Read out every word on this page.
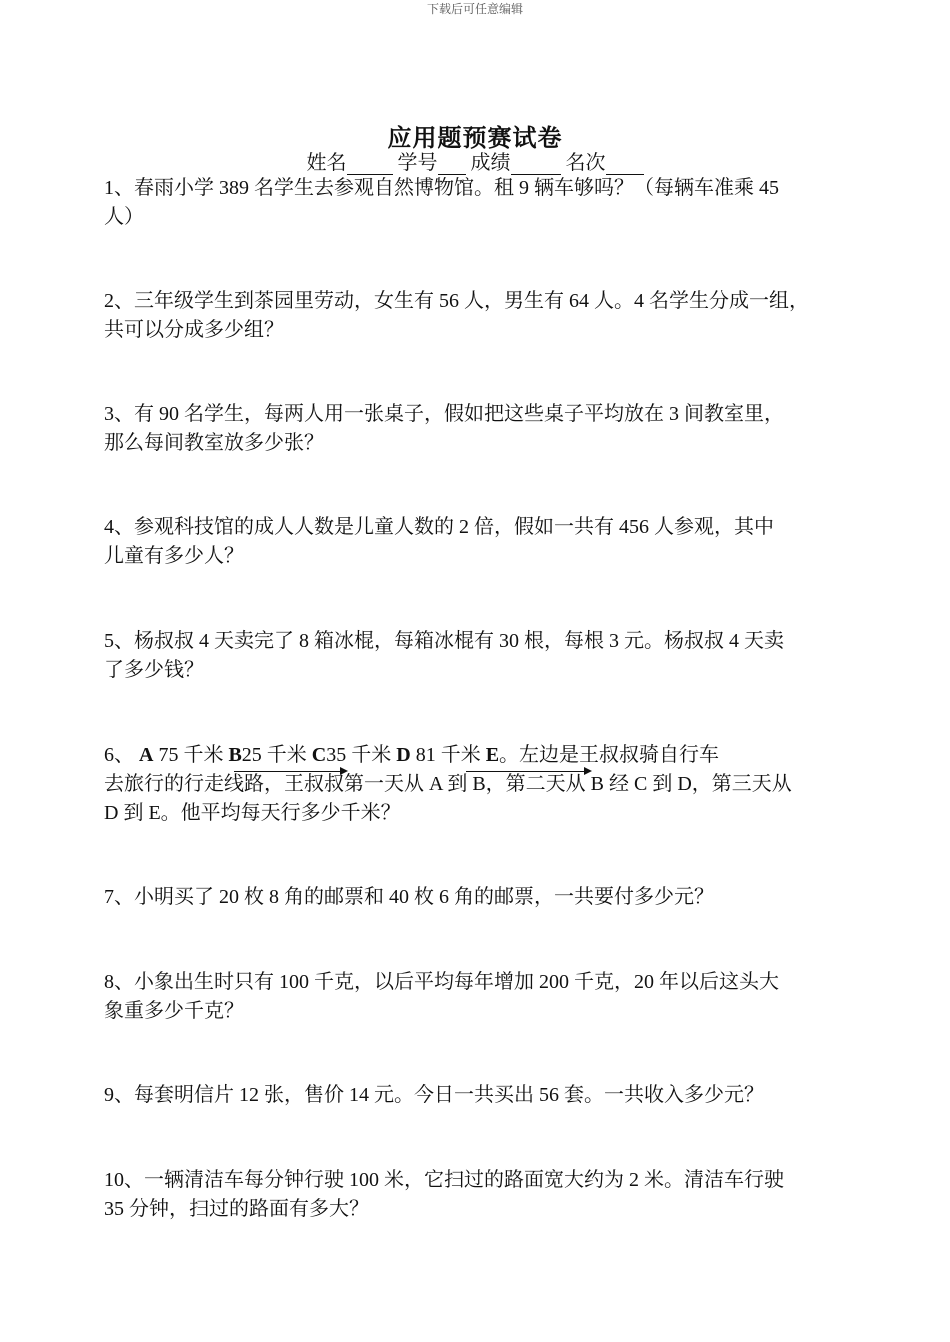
下载后可任意编辑
应用题预赛试卷
姓名	学号 成绩	名次
1、春雨小学 389 名学生去参观自然博物馆。租 9 辆车够吗？（每辆车准乘 45
人）
2、三年级学生到茶园里劳动，女生有 56 人，男生有 64 人。4 名学生分成一组，
共可以分成多少组？
3、有 90 名学生，每两人用一张桌子，假如把这些桌子平均放在 3 间教室里，
那么每间教室放多少张？
4、参观科技馆的成人人数是儿童人数的 2 倍，假如一共有 456 人参观，其中
儿童有多少人？
5、杨叔叔 4 天卖完了 8 箱冰棍，每箱冰棍有 30 根，每根 3 元。杨叔叔 4 天卖
了多少钱？
6、 A 75 千米 B25 千米 C35 千米 D 81 千米 E。左边是王叔叔骑自行车
去旅行的行走线路，王叔叔第一天从 A 到 B，第二天从 B 经 C 到 D，第三天从
D 到 E。他平均每天行多少千米？
7、小明买了 20 枚 8 角的邮票和 40 枚 6 角的邮票，一共要付多少元？
8、小象出生时只有 100 千克，以后平均每年增加 200 千克，20 年以后这头大
象重多少千克？
9、每套明信片 12 张，售价 14 元。今日一共买出 56 套。一共收入多少元？
10、一辆清洁车每分钟行驶 100 米，它扫过的路面宽大约为 2 米。清洁车行驶
35 分钟，扫过的路面有多大？
